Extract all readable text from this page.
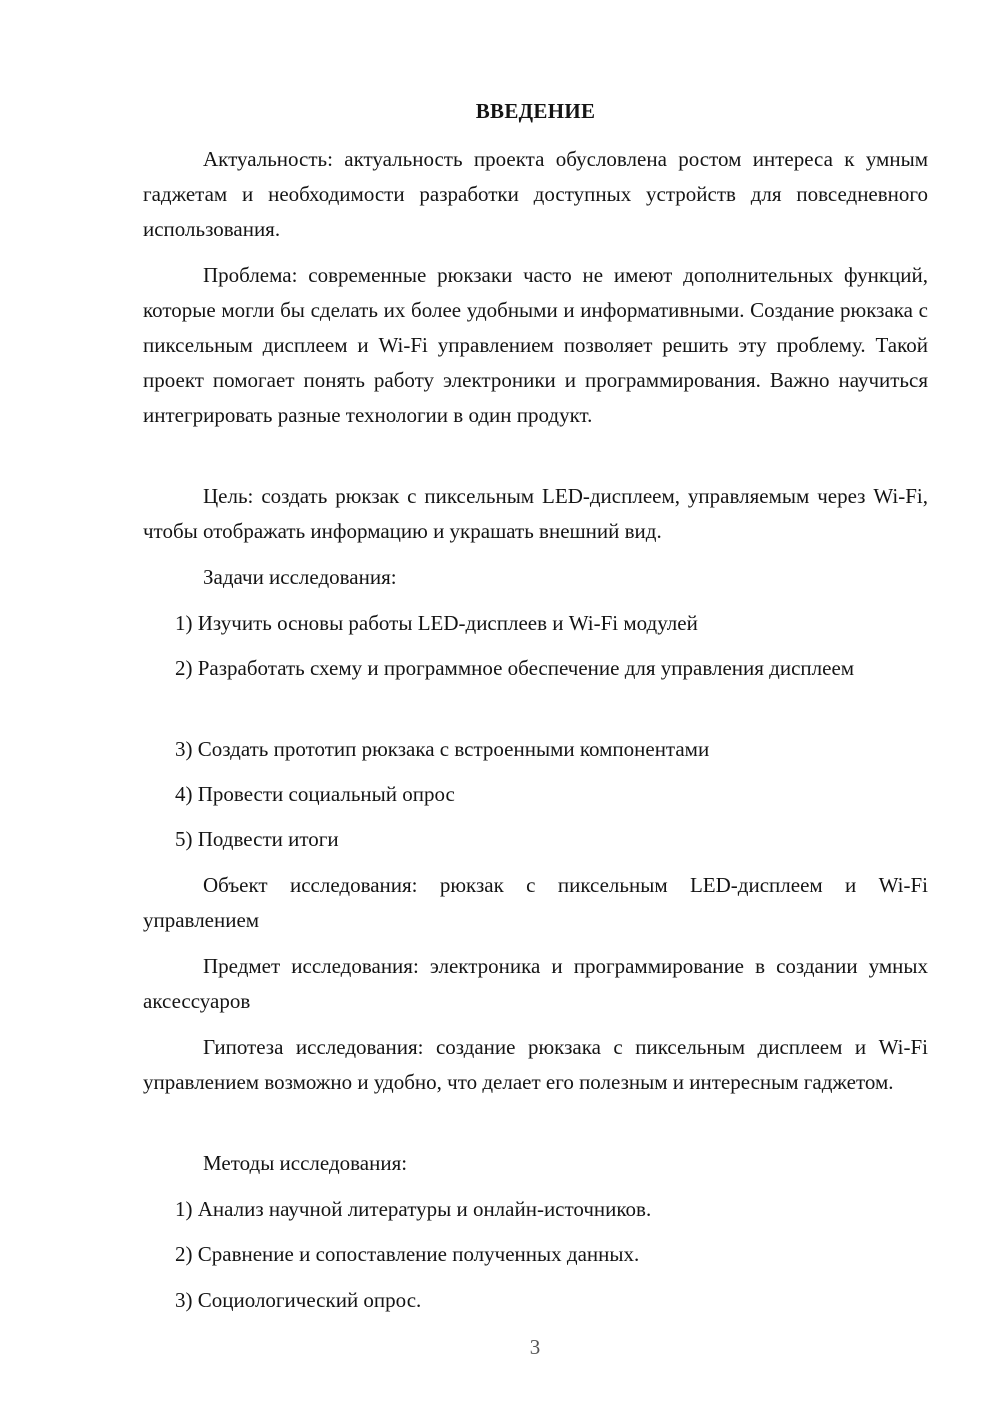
ВВЕДЕНИЕ

Актуальность: актуальность проекта обусловлена ростом интереса к умным гаджетам и необходимости разработки доступных устройств для повседневного использования.

Проблема: современные рюкзаки часто не имеют дополнительных функций, которые могли бы сделать их более удобными и информативными. Создание рюкзака с пиксельным дисплеем и Wi-Fi управлением позволяет решить эту проблему. Такой проект помогает понять работу электроники и программирования. Важно научиться интегрировать разные технологии в один продукт.

Цель: создать рюкзак с пиксельным LED-дисплеем, управляемым через Wi-Fi, чтобы отображать информацию и украшать внешний вид.

Задачи исследования:

1) Изучить основы работы LED-дисплеев и Wi-Fi модулей

2) Разработать схему и программное обеспечение для управления дисплеем

3) Создать прототип рюкзака с встроенными компонентами

4) Провести социальный опрос

5) Подвести итоги

Объект исследования: рюкзак с пиксельным LED-дисплеем и Wi-Fi управлением

Предмет исследования: электроника и программирование в создании умных аксессуаров

Гипотеза исследования: создание рюкзака с пиксельным дисплеем и Wi-Fi управлением возможно и удобно, что делает его полезным и интересным гаджетом.

Методы исследования:

1) Анализ научной литературы и онлайн-источников.

2) Сравнение и сопоставление полученных данных.

3) Социологический опрос.

3
